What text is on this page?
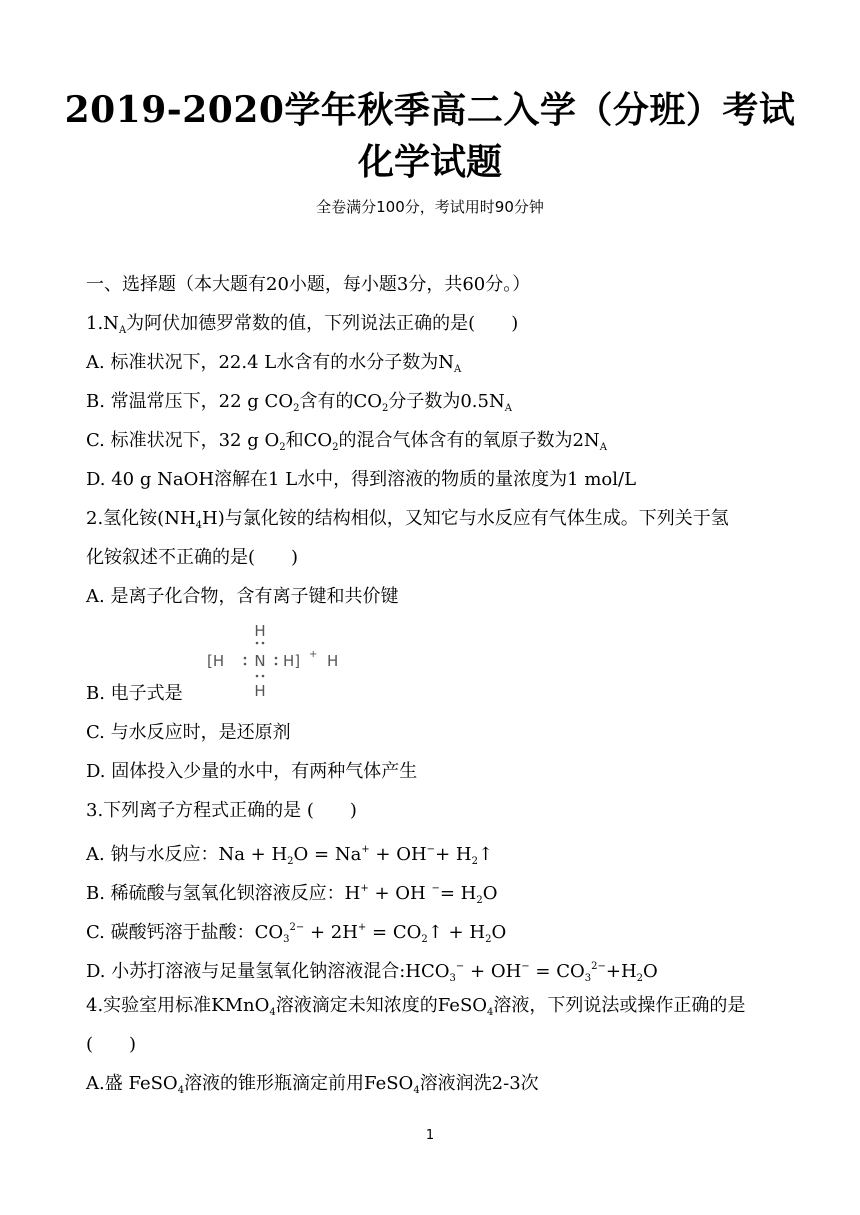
2019-2020学年秋季高二入学（分班）考试
化学试题
全卷满分100分，考试用时90分钟
一、选择题（本大题有20小题，每小题3分，共60分。）
$1.N_A$为阿伏加德罗常数的值，下列说法正确的是(　　)
A. 标准状况下，22.4 L水含有的水分子数为$N_A$
B. 常温常压下，22 g $CO_2$含有的$CO_2$分子数为$0.5N_A$
C. 标准状况下，32 g $O_2$和$CO_2$的混合气体含有的氧原子数为$2N_A$
D. 40 g NaOH溶解在1 L水中，得到溶液的物质的量浓度为1 mol/L
2.氢化铵$(NH_4H)$与氯化铵的结构相似，又知它与水反应有气体生成。下列关于氢
化铵叙述不正确的是(　　)
A. 是离子化合物，含有离子键和共价键
H
[H N H] + H
H
B. 电子式是
C. 与水反应时，是还原剂
D. 固体投入少量的水中，有两种气体产生
3.下列离子方程式正确的是 (　　)
A. 钠与水反应：$Na + H_2O = Na^+ + OH^-+$ $H_2↑$
B. 稀硫酸与氢氧化钡溶液反应：H+ + OH $^-= H_2O$
C. 碳酸钙溶于盐酸：$CO_3^{2-} + 2H^+$ = $CO_2↑ + H_2O$
D. 小苏打溶液与足量氢氧化钠溶液混合$:HCO_3^- + OH^- = CO_3^{2-}+H_2O$
4.实验室用标准KMnO$_4$溶液滴定未知浓度的FeSO$_4$溶液，下列说法或操作正确的是
(　　)
A.盛 FeSO$_4$溶液的锥形瓶滴定前用FeSO$_4$溶液润洗2-3次
1
